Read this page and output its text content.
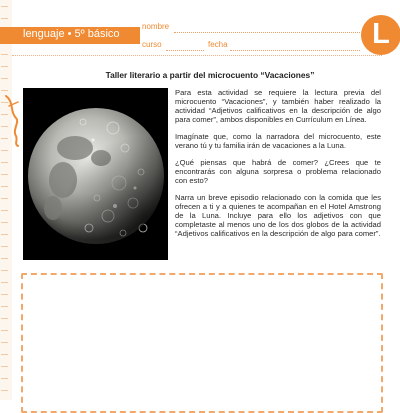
lenguaje • 5º básico
nombre
curso	fecha	L
Taller literario a partir del microcuento “Vacaciones”

Para esta actividad se requiere la lectura previa del microcuento “Vacaciones”, y también haber realizado la actividad “Adjetivos calificativos en la descripción de algo para comer”, ambos disponibles en Currículum en Línea.

Imagínate que, como la narradora del microcuento, este verano tú y tu familia irán de vacaciones a la Luna.

¿Qué piensas que habrá de comer? ¿Crees que te encontrarás con alguna sorpresa o problema relacionado con esto?

Narra un breve episodio relacionado con la comida que les ofrecen a ti y a quienes te acompañan en el Hotel Amstrong de la Luna. Incluye para ello los adjetivos con que completaste al menos uno de los dos globos de la actividad “Adjetivos calificativos en la descripción de algo para comer”.
